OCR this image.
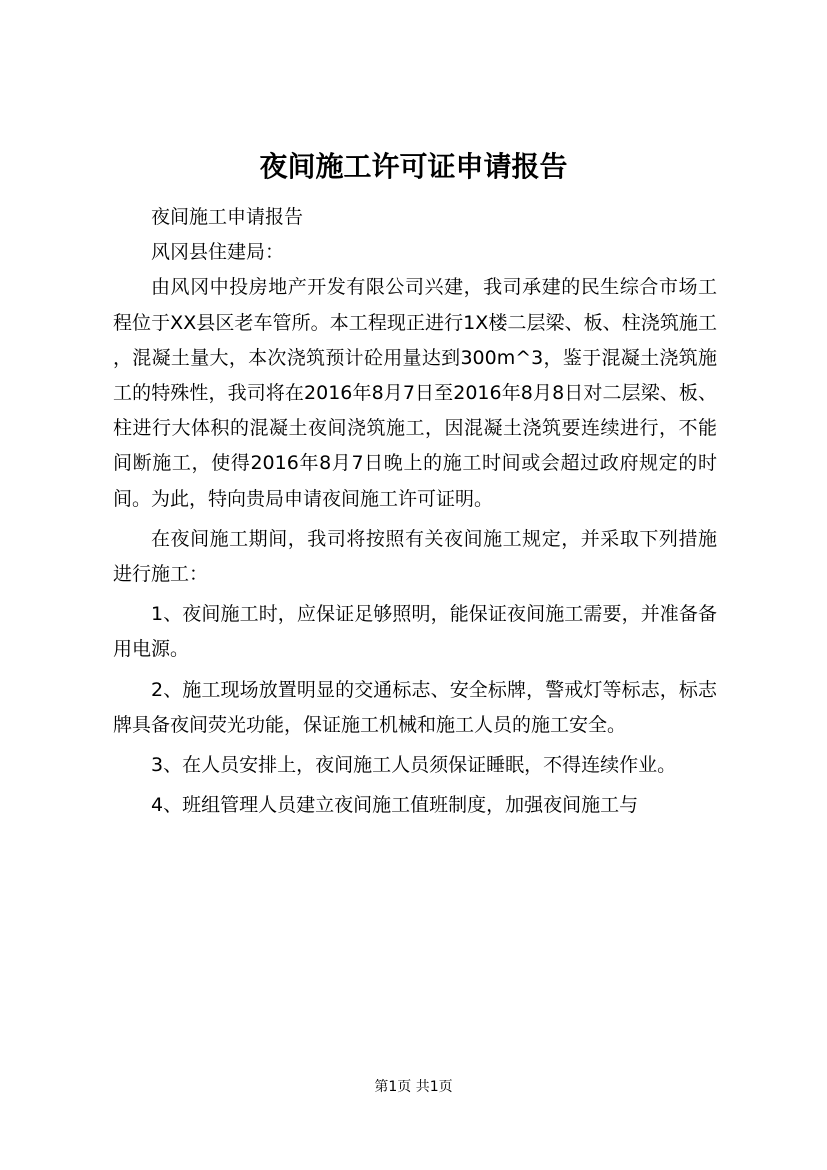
夜间施工许可证申请报告

夜间施工申请报告

风冈县住建局：

由风冈中投房地产开发有限公司兴建，我司承建的民生综合市场工程位于XX县区老车管所。本工程现正进行1X楼二层梁、板、柱浇筑施工，混凝土量大，本次浇筑预计砼用量达到300m^3，鉴于混凝土浇筑施工的特殊性，我司将在2016年8月7日至2016年8月8日对二层梁、板、柱进行大体积的混凝土夜间浇筑施工，因混凝土浇筑要连续进行，不能间断施工，使得2016年8月7日晚上的施工时间或会超过政府规定的时间。为此，特向贵局申请夜间施工许可证明。

在夜间施工期间，我司将按照有关夜间施工规定，并采取下列措施进行施工：

1、夜间施工时，应保证足够照明，能保证夜间施工需要，并准备备用电源。

2、施工现场放置明显的交通标志、安全标牌，警戒灯等标志，标志牌具备夜间荧光功能，保证施工机械和施工人员的施工安全。

3、在人员安排上，夜间施工人员须保证睡眠，不得连续作业。

4、班组管理人员建立夜间施工值班制度，加强夜间施工与

第1页 共1页
